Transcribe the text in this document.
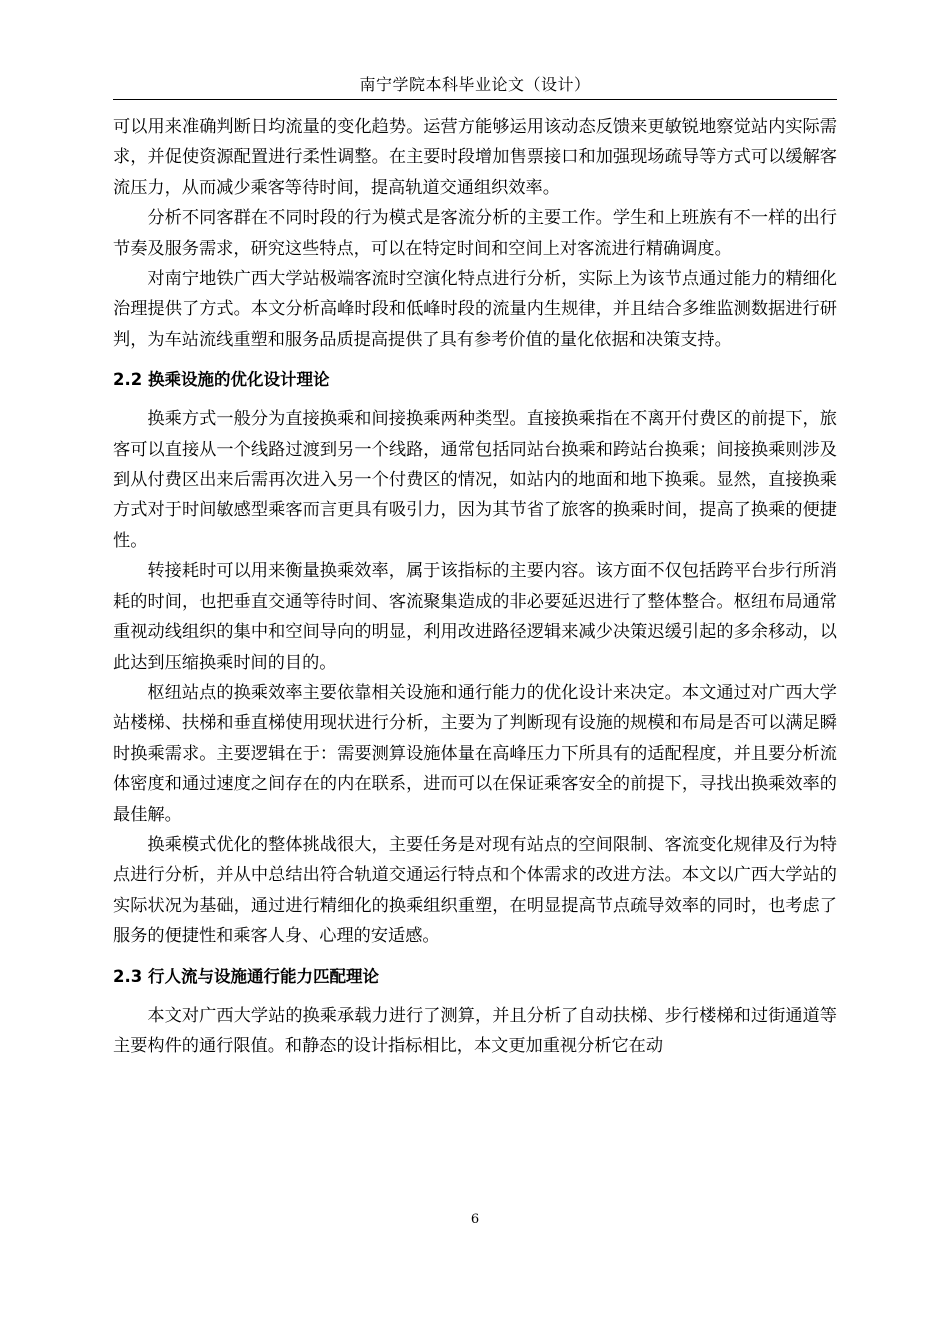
南宁学院本科毕业论文（设计）

可以用来准确判断日均流量的变化趋势。运营方能够运用该动态反馈来更敏锐地察觉站内实际需求，并促使资源配置进行柔性调整。在主要时段增加售票接口和加强现场疏导等方式可以缓解客流压力，从而减少乘客等待时间，提高轨道交通组织效率。

分析不同客群在不同时段的行为模式是客流分析的主要工作。学生和上班族有不一样的出行节奏及服务需求，研究这些特点，可以在特定时间和空间上对客流进行精确调度。

对南宁地铁广西大学站极端客流时空演化特点进行分析，实际上为该节点通过能力的精细化治理提供了方式。本文分析高峰时段和低峰时段的流量内生规律，并且结合多维监测数据进行研判，为车站流线重塑和服务品质提高提供了具有参考价值的量化依据和决策支持。

2.2 换乘设施的优化设计理论

换乘方式一般分为直接换乘和间接换乘两种类型。直接换乘指在不离开付费区的前提下，旅客可以直接从一个线路过渡到另一个线路，通常包括同站台换乘和跨站台换乘；间接换乘则涉及到从付费区出来后需再次进入另一个付费区的情况，如站内的地面和地下换乘。显然，直接换乘方式对于时间敏感型乘客而言更具有吸引力，因为其节省了旅客的换乘时间，提高了换乘的便捷性。

转接耗时可以用来衡量换乘效率，属于该指标的主要内容。该方面不仅包括跨平台步行所消耗的时间，也把垂直交通等待时间、客流聚集造成的非必要延迟进行了整体整合。枢纽布局通常重视动线组织的集中和空间导向的明显，利用改进路径逻辑来减少决策迟缓引起的多余移动，以此达到压缩换乘时间的目的。

枢纽站点的换乘效率主要依靠相关设施和通行能力的优化设计来决定。本文通过对广西大学站楼梯、扶梯和垂直梯使用现状进行分析，主要为了判断现有设施的规模和布局是否可以满足瞬时换乘需求。主要逻辑在于：需要测算设施体量在高峰压力下所具有的适配程度，并且要分析流体密度和通过速度之间存在的内在联系，进而可以在保证乘客安全的前提下，寻找出换乘效率的最佳解。

换乘模式优化的整体挑战很大，主要任务是对现有站点的空间限制、客流变化规律及行为特点进行分析，并从中总结出符合轨道交通运行特点和个体需求的改进方法。本文以广西大学站的实际状况为基础，通过进行精细化的换乘组织重塑，在明显提高节点疏导效率的同时，也考虑了服务的便捷性和乘客人身、心理的安适感。

2.3 行人流与设施通行能力匹配理论

本文对广西大学站的换乘承载力进行了测算，并且分析了自动扶梯、步行楼梯和过街通道等主要构件的通行限值。和静态的设计指标相比，本文更加重视分析它在动

6
